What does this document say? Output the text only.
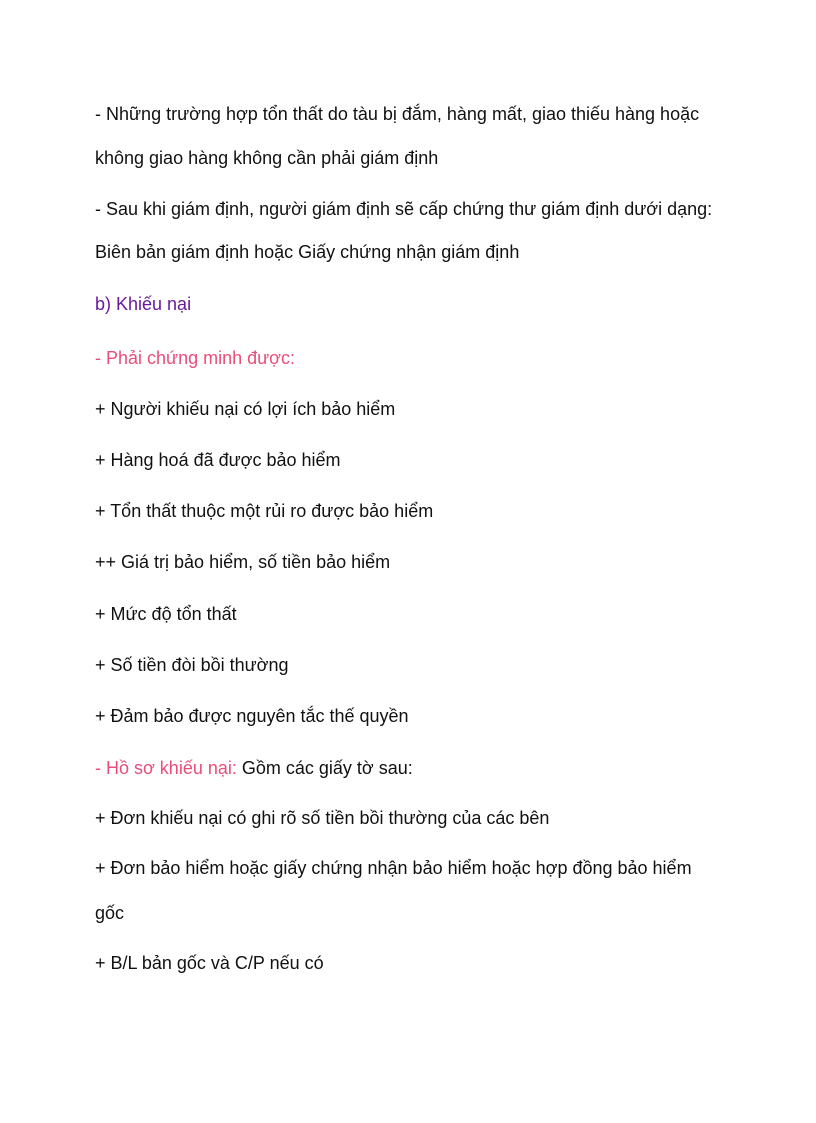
- Những trường hợp tổn thất do tàu bị đắm, hàng mất, giao thiếu hàng hoặc
không giao hàng không cần phải giám định
- Sau khi giám định, người giám định sẽ cấp chứng thư giám định dưới dạng:
Biên bản giám định hoặc Giấy chứng nhận giám định
b) Khiếu nại
- Phải chứng minh được:
+ Người khiếu nại có lợi ích bảo hiểm
+ Hàng hoá đã được bảo hiểm
+ Tổn thất thuộc một rủi ro được bảo hiểm
++ Giá trị bảo hiểm, số tiền bảo hiểm
+ Mức độ tổn thất
+ Số tiền đòi bồi thường
+ Đảm bảo được nguyên tắc thế quyền
- Hồ sơ khiếu nại: Gồm các giấy tờ sau:
+ Đơn khiếu nại có ghi rõ số tiền bồi thường của các bên
+ Đơn bảo hiểm hoặc giấy chứng nhận bảo hiểm hoặc hợp đồng bảo hiểm
gốc
+ B/L bản gốc và C/P nếu có
